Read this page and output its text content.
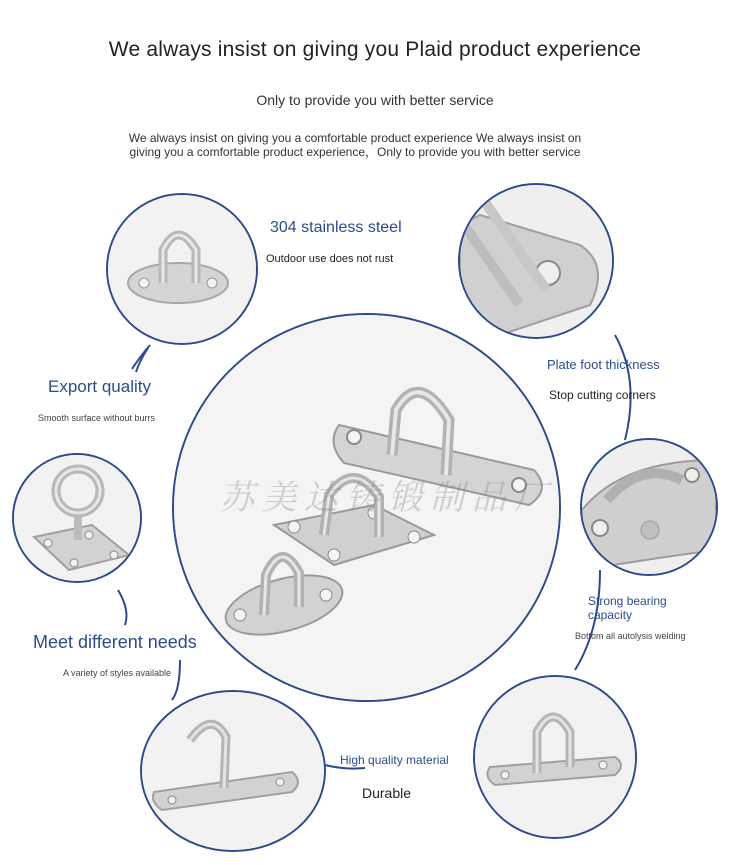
We always insist on giving you Plaid product experience
Only to provide you with better service
We always insist on giving you a comfortable product experience We always insist on giving you a comfortable product experience，Only to provide you with better service
苏美达铸锻制品厂
304 stainless steel
Outdoor use does not rust
Export quality
Smooth surface without burrs
Plate foot thickness
Stop cutting corners
Strong bearing capacity
Bottom all autolysis welding
Meet different needs
A variety of styles available
High quality material
Durable
